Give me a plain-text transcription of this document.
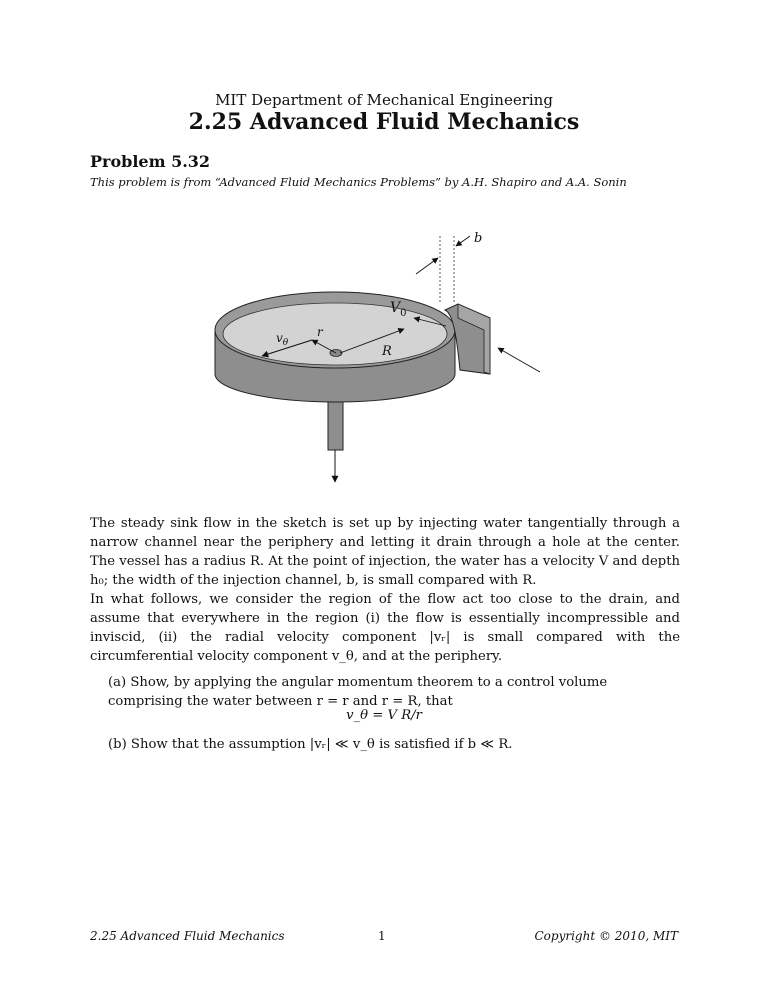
MIT Department of Mechanical Engineering
2.25 Advanced Fluid Mechanics
Problem 5.32
This problem is from “Advanced Fluid Mechanics Problems” by A.H. Shapiro and A.A. Sonin
b
$V_0$
$v_\theta$
r
R
The steady sink flow in the sketch is set up by injecting water tangentially through a narrow channel near the periphery and letting it drain through a hole at the center. The vessel has a radius R. At the point of injection, the water has a velocity V and depth h₀; the width of the injection channel, b, is small compared with R.
In what follows, we consider the region of the flow act too close to the drain, and assume that everywhere in the region (i) the flow is essentially incompressible and inviscid, (ii) the radial velocity component |vᵣ| is small compared with the circumferential velocity component v_θ, and at the periphery.
(a) Show, by applying the angular momentum theorem to a control volume comprising the water between r = r and r = R, that
v_θ = V R/r
(b) Show that the assumption |vᵣ| ≪ v_θ is satisfied if b ≪ R.
2.25 Advanced Fluid Mechanics	1	Copyright © 2010, MIT
